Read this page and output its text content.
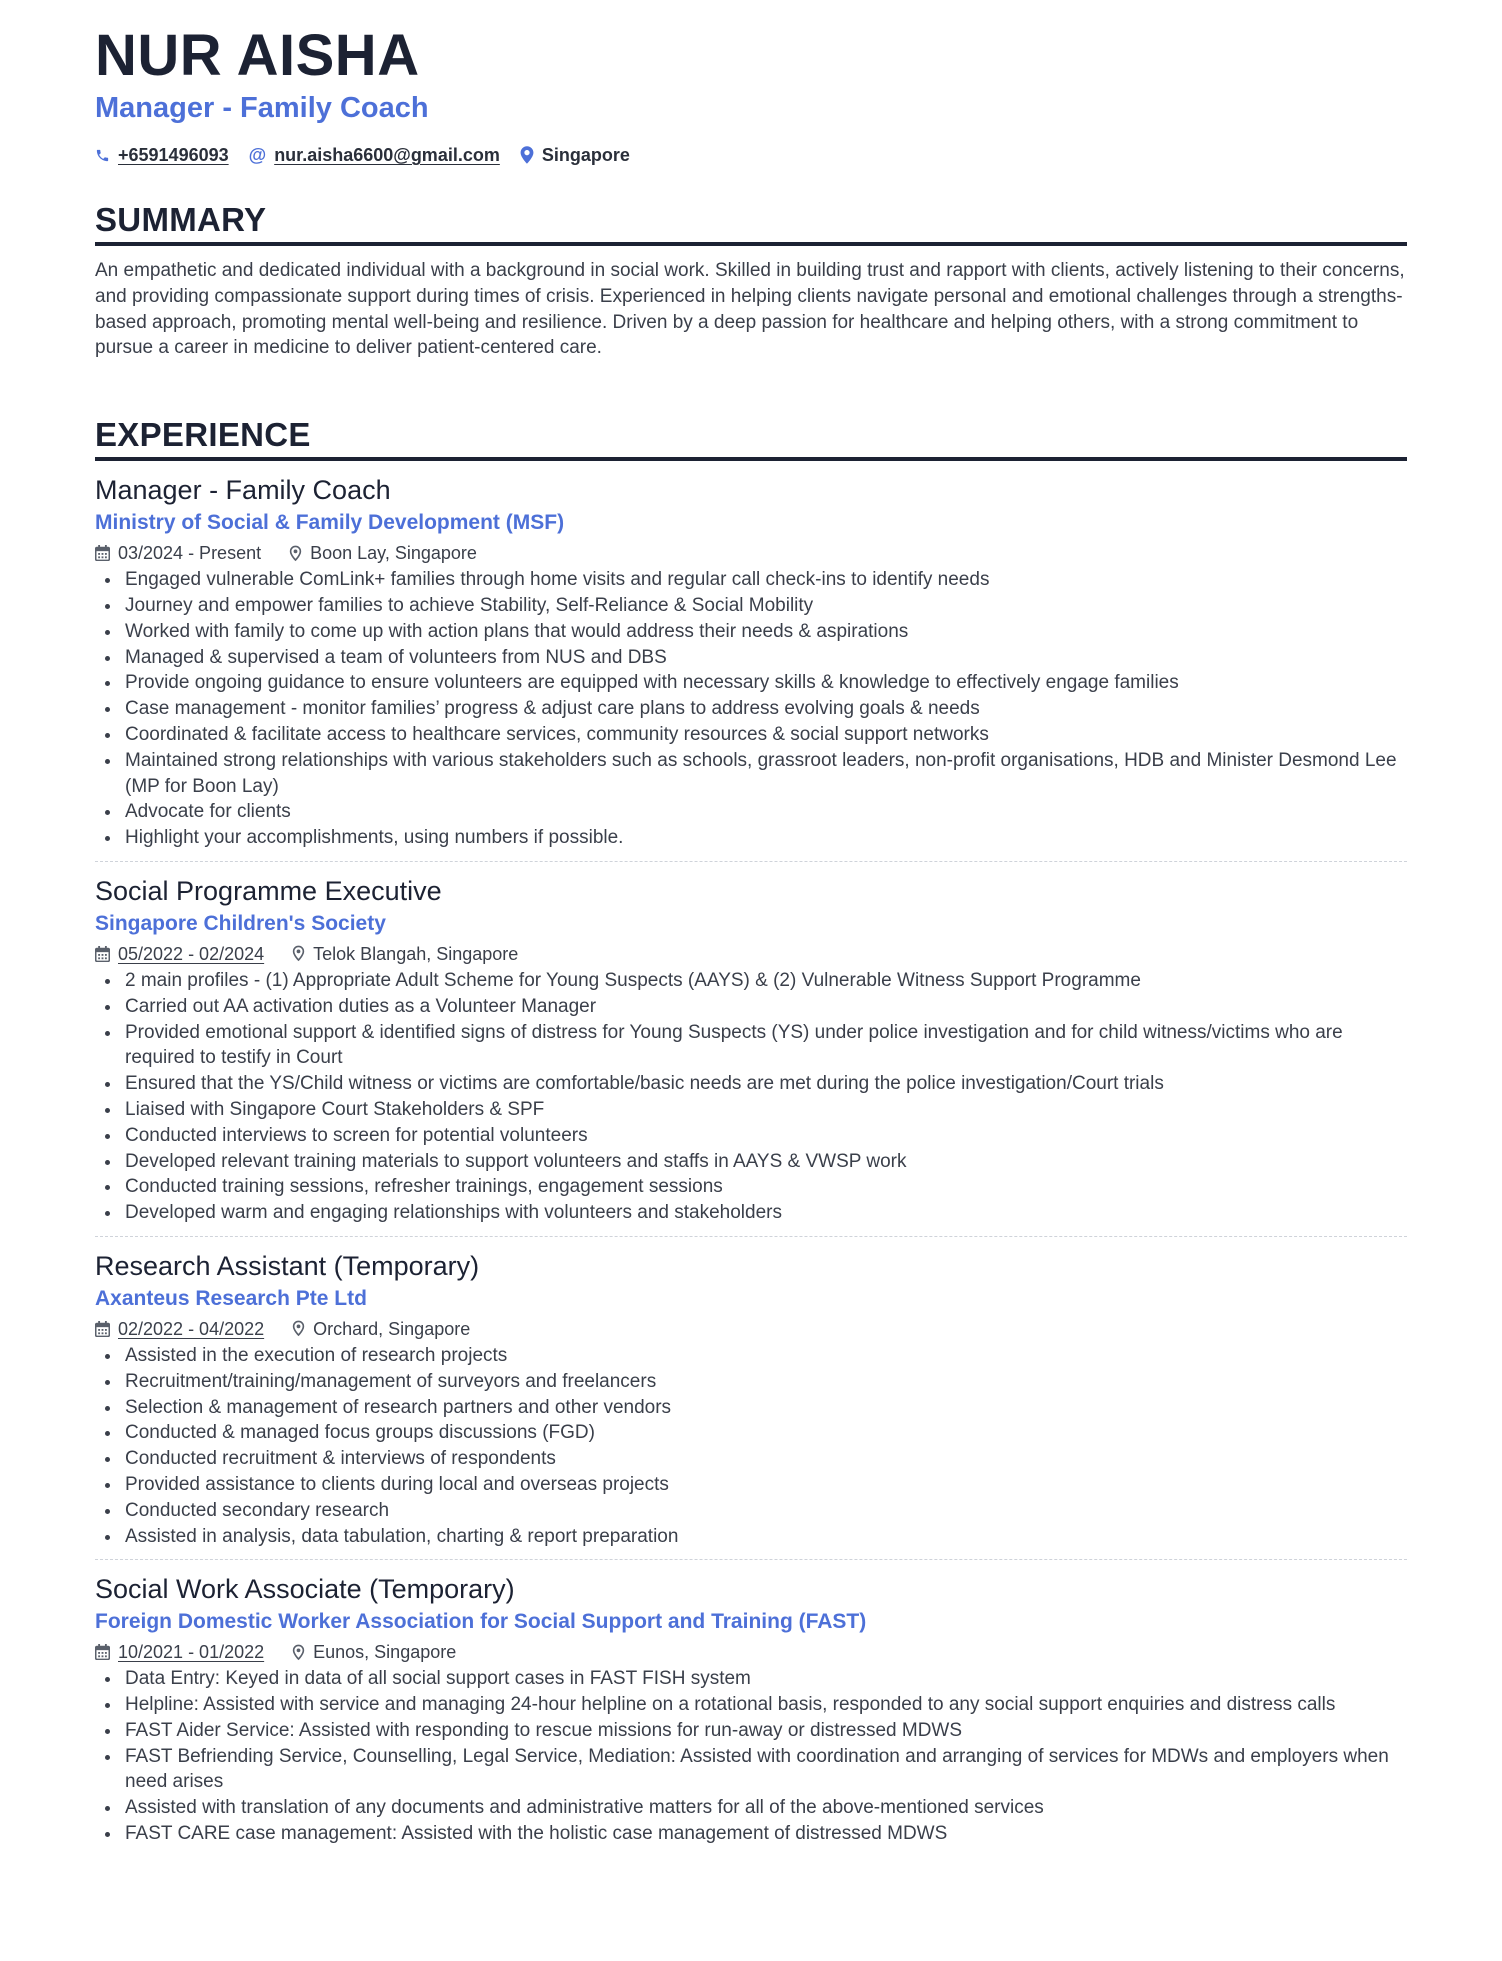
NUR AISHA
Manager - Family Coach
+6591496093 @ nur.aisha6600@gmail.com Singapore
SUMMARY
An empathetic and dedicated individual with a background in social work. Skilled in building trust and rapport with clients, actively listening to their concerns, and providing compassionate support during times of crisis. Experienced in helping clients navigate personal and emotional challenges through a strengths-based approach, promoting mental well-being and resilience. Driven by a deep passion for healthcare and helping others, with a strong commitment to pursue a career in medicine to deliver patient-centered care.
EXPERIENCE
Manager - Family Coach
Ministry of Social & Family Development (MSF)
03/2024 - Present	Boon Lay, Singapore
Engaged vulnerable ComLink+ families through home visits and regular call check-ins to identify needs
Journey and empower families to achieve Stability, Self-Reliance & Social Mobility
Worked with family to come up with action plans that would address their needs & aspirations
Managed & supervised a team of volunteers from NUS and DBS
Provide ongoing guidance to ensure volunteers are equipped with necessary skills & knowledge to effectively engage families
Case management - monitor families’ progress & adjust care plans to address evolving goals & needs
Coordinated & facilitate access to healthcare services, community resources & social support networks
Maintained strong relationships with various stakeholders such as schools, grassroot leaders, non-profit organisations, HDB and Minister Desmond Lee (MP for Boon Lay)
Advocate for clients
Highlight your accomplishments, using numbers if possible.
Social Programme Executive
Singapore Children's Society
05/2022 - 02/2024	Telok Blangah, Singapore
2 main profiles - (1) Appropriate Adult Scheme for Young Suspects (AAYS) & (2) Vulnerable Witness Support Programme
Carried out AA activation duties as a Volunteer Manager
Provided emotional support & identified signs of distress for Young Suspects (YS) under police investigation and for child witness/victims who are required to testify in Court
Ensured that the YS/Child witness or victims are comfortable/basic needs are met during the police investigation/Court trials
Liaised with Singapore Court Stakeholders & SPF
Conducted interviews to screen for potential volunteers
Developed relevant training materials to support volunteers and staffs in AAYS & VWSP work
Conducted training sessions, refresher trainings, engagement sessions
Developed warm and engaging relationships with volunteers and stakeholders
Research Assistant (Temporary)
Axanteus Research Pte Ltd
02/2022 - 04/2022	Orchard, Singapore
Assisted in the execution of research projects
Recruitment/training/management of surveyors and freelancers
Selection & management of research partners and other vendors
Conducted & managed focus groups discussions (FGD)
Conducted recruitment & interviews of respondents
Provided assistance to clients during local and overseas projects
Conducted secondary research
Assisted in analysis, data tabulation, charting & report preparation
Social Work Associate (Temporary)
Foreign Domestic Worker Association for Social Support and Training (FAST)
10/2021 - 01/2022	Eunos, Singapore
Data Entry: Keyed in data of all social support cases in FAST FISH system
Helpline: Assisted with service and managing 24-hour helpline on a rotational basis, responded to any social support enquiries and distress calls
FAST Aider Service: Assisted with responding to rescue missions for run-away or distressed MDWS
FAST Befriending Service, Counselling, Legal Service, Mediation: Assisted with coordination and arranging of services for MDWs and employers when need arises
Assisted with translation of any documents and administrative matters for all of the above-mentioned services
FAST CARE case management: Assisted with the holistic case management of distressed MDWS
